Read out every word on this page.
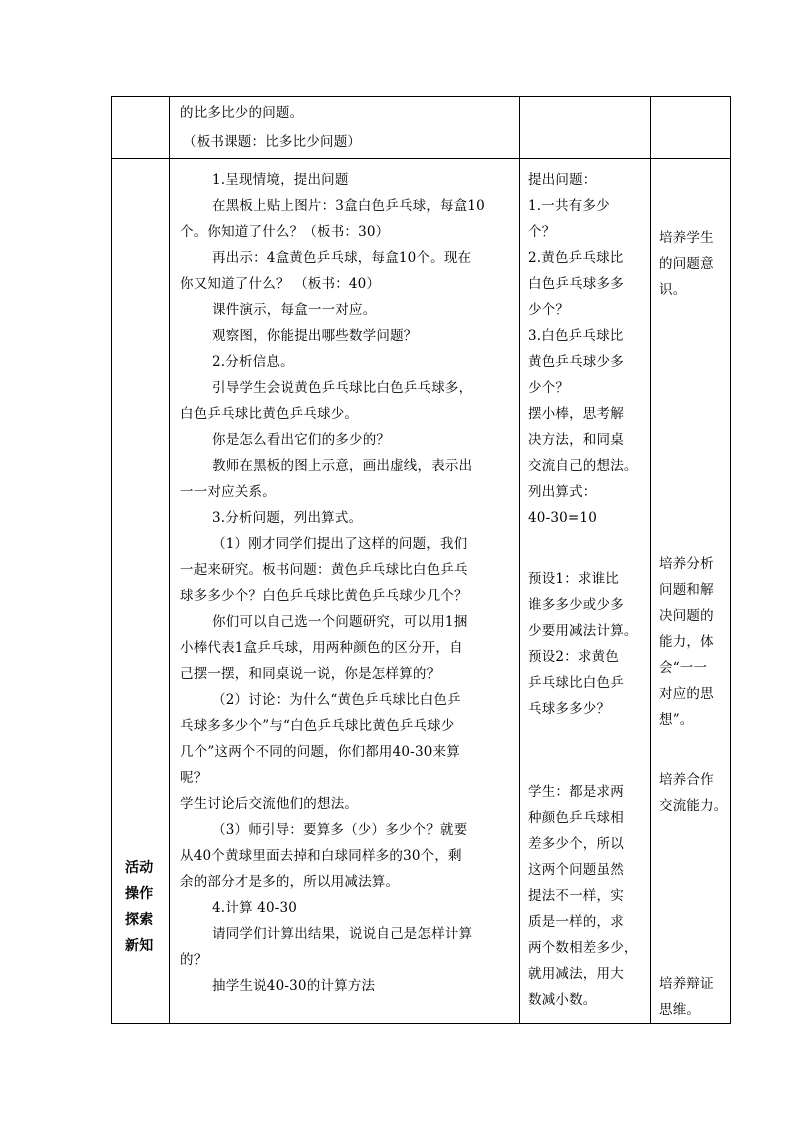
的比多比少的问题。
（板书课题：比多比少问题）
活动
操作
探索
新知
1.呈现情境，提出问题
在黑板上贴上图片：3盒白色乒乓球，每盒10
个。你知道了什么？（板书：30）
再出示：4盒黄色乒乓球，每盒10个。现在
你又知道了什么？ （板书：40）
课件演示，每盒一一对应。
观察图，你能提出哪些数学问题？
2.分析信息。
引导学生会说黄色乒乓球比白色乒乓球多，
白色乒乓球比黄色乒乓球少。
你是怎么看出它们的多少的？
教师在黑板的图上示意，画出虚线，表示出
一一对应关系。
3.分析问题，列出算式。
（1）刚才同学们提出了这样的问题，我们
一起来研究。板书问题：黄色乒乓球比白色乒乓
球多多少个？白色乒乓球比黄色乒乓球少几个？
你们可以自己选一个问题研究，可以用1捆
小棒代表1盒乒乓球，用两种颜色的区分开，自
己摆一摆，和同桌说一说，你是怎样算的？
（2）讨论：为什么“黄色乒乓球比白色乒
乓球多多少个”与“白色乒乓球比黄色乒乓球少
几个”这两个不同的问题，你们都用40-30来算
呢？
学生讨论后交流他们的想法。
（3）师引导：要算多（少）多少个？就要
从40个黄球里面去掉和白球同样多的30个，剩
余的部分才是多的，所以用减法算。
4.计算 40-30
请同学们计算出结果，说说自己是怎样计算
的？
抽学生说40-30的计算方法
提出问题：
1.一共有多少
个？
2.黄色乒乓球比
白色乒乓球多多
少个？
3.白色乒乓球比
黄色乒乓球少多
少个？
摆小棒，思考解
决方法，和同桌
交流自己的想法。
列出算式：
40-30=10
预设1：求谁比
谁多多少或少多
少要用减法计算。
预设2：求黄色
乒乓球比白色乒
乓球多多少？
学生：都是求两
种颜色乒乓球相
差多少个，所以
这两个问题虽然
提法不一样，实
质是一样的，求
两个数相差多少，
就用减法，用大
数减小数。
培养学生
的问题意
识。
培养分析
问题和解
决问题的
能力，体
会“一一
对应的思
想”。
培养合作
交流能力。
培养辩证
思维。
